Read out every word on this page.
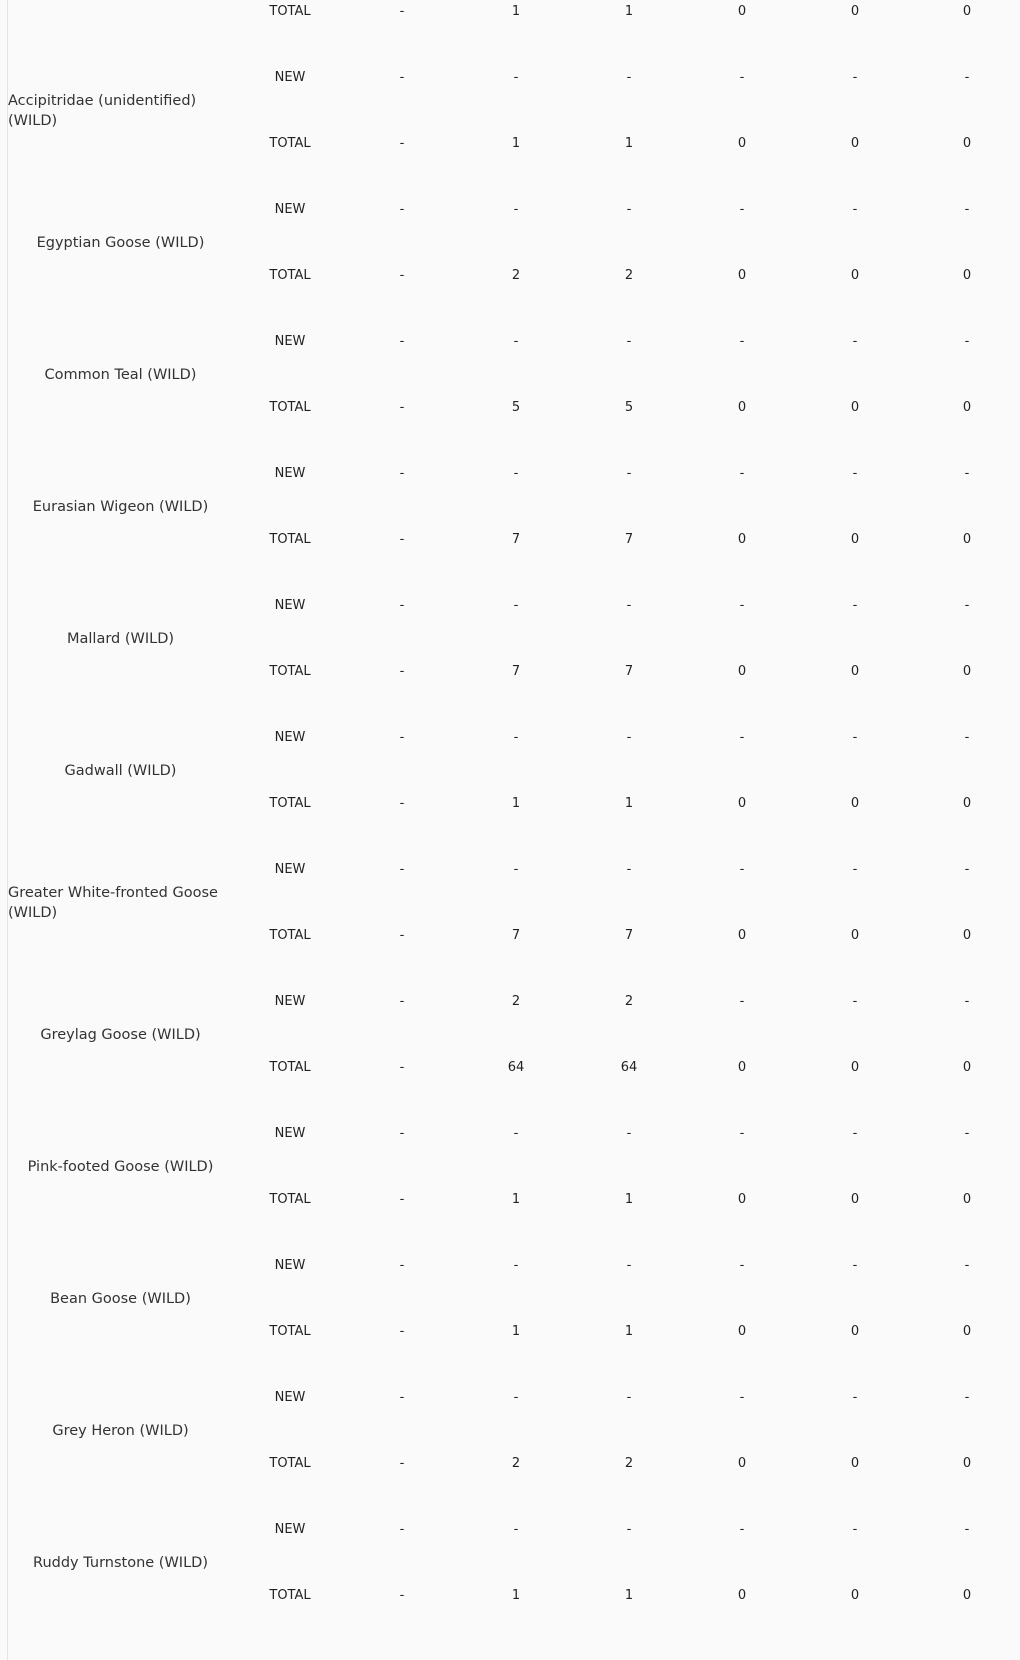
TOTAL	-	1	1	0	0	0
Accipitridae (unidentified) (WILD)
NEW	-	-	-	-	-	-
TOTAL	-	1	1	0	0	0
Egyptian Goose (WILD)
NEW	-	-	-	-	-	-
TOTAL	-	2	2	0	0	0
Common Teal (WILD)
NEW	-	-	-	-	-	-
TOTAL	-	5	5	0	0	0
Eurasian Wigeon (WILD)
NEW	-	-	-	-	-	-
TOTAL	-	7	7	0	0	0
Mallard (WILD)
NEW	-	-	-	-	-	-
TOTAL	-	7	7	0	0	0
Gadwall (WILD)
NEW	-	-	-	-	-	-
TOTAL	-	1	1	0	0	0
Greater White-fronted Goose (WILD)
NEW	-	-	-	-	-	-
TOTAL	-	7	7	0	0	0
Greylag Goose (WILD)
NEW	-	2	2	-	-	-
TOTAL	-	64	64	0	0	0
Pink-footed Goose (WILD)
NEW	-	-	-	-	-	-
TOTAL	-	1	1	0	0	0
Bean Goose (WILD)
NEW	-	-	-	-	-	-
TOTAL	-	1	1	0	0	0
Grey Heron (WILD)
NEW	-	-	-	-	-	-
TOTAL	-	2	2	0	0	0
Ruddy Turnstone (WILD)
NEW	-	-	-	-	-	-
TOTAL	-	1	1	0	0	0
